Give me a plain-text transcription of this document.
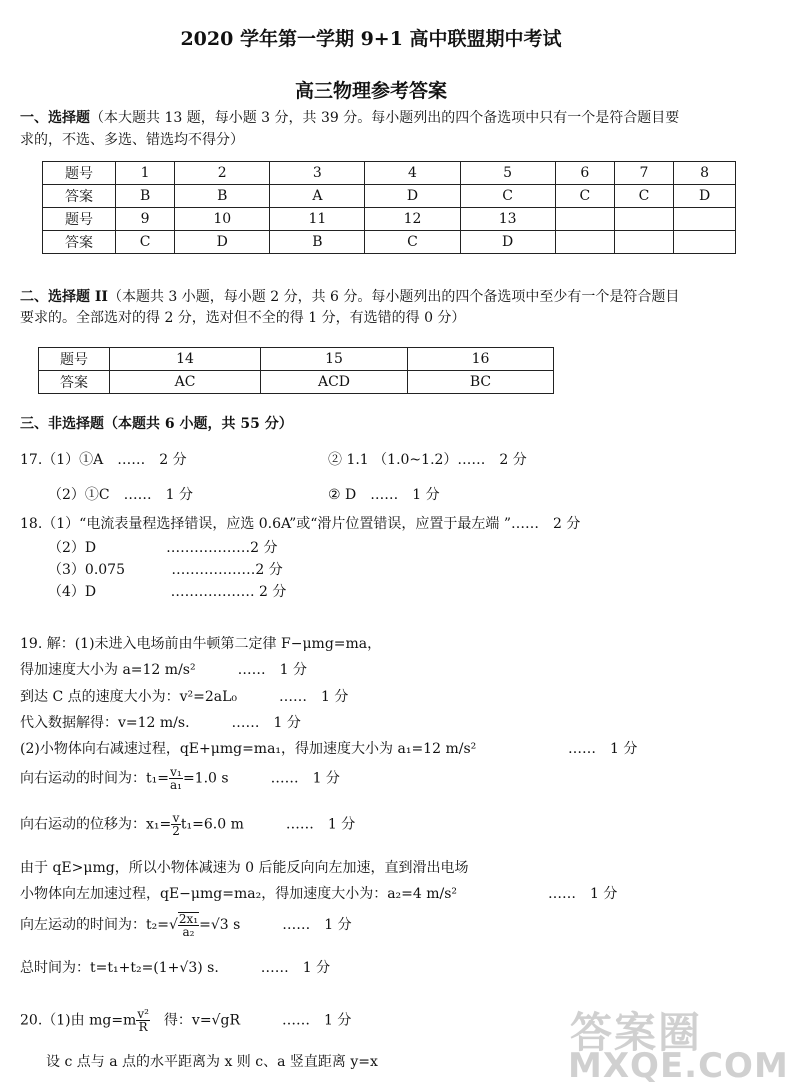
2020 学年第一学期 9+1 高中联盟期中考试
高三物理参考答案
一、选择题（本大题共 13 题，每小题 3 分，共 39 分。每小题列出的四个备选项中只有一个是符合题目要
求的，不选、多选、错选均不得分）
题号	1	2	3	4	5	6	7	8
答案	B	B	A	D	C	C	C	D
题号	9	10	11	12	13			
答案	C	D	B	C	D			
二、选择题 II（本题共 3 小题，每小题 2 分，共 6 分。每小题列出的四个备选项中至少有一个是符合题目
要求的。全部选对的得 2 分，选对但不全的得 1 分，有选错的得 0 分）
题号	14	15	16
答案	AC	ACD	BC
三、非选择题（本题共 6 小题，共 55 分）
17.（1）①A　……　2 分	② 1.1 （1.0~1.2）……　2 分
（2）①C　……　1 分	② D　……　1 分
18.（1）“电流表量程选择错误，应选 0.6A”或“滑片位置错误，应置于最左端 ”……　2 分
（2）D　　　　　………………2 分
（3）0.075　　　 ………………2 分
（4）D　　　　　 ……………… 2 分
19. 解：(1)未进入电场前由牛顿第二定律 F−μmg=ma，
得加速度大小为 a=12 m/s²　　　……　1 分
到达 C 点的速度大小为：v²=2aL₀　　　……　1 分
代入数据解得：v=12 m/s.　　　……　1 分
(2)小物体向右减速过程，qE+μmg=ma₁，得加速度大小为 a₁=12 m/s²	……　1 分
向右运动的时间为：$t_1= \frac{\text{v₁}}{\text{a₁}} =1.0$ s　　　……　1 分
向右运动的位移为：$x_1= \frac{v}{2} t_1=6.0$ m　　　……　1 分
由于 qE>μmg，所以小物体减速为 0 后能反向向左加速，直到滑出电场
小物体向左加速过程，qE−μmg=ma₂，得加速度大小为：a₂=4 m/s²	……　1 分
向左运动的时间为：$t_2=√ \frac{\text{2x₁}}{\text{a₂}} =√3$ s　　　……　1 分
总时间为：t=t₁+t₂=(1+√3) s.　　　……　1 分
20.（1)由 $mg=m \frac{\text{v²}}{R}$ 　得：v=√gR　　　……　1 分
设 c 点与 a 点的水平距离为 x 则 c、a 竖直距离 y=x
答案圈
MXQE.COM
